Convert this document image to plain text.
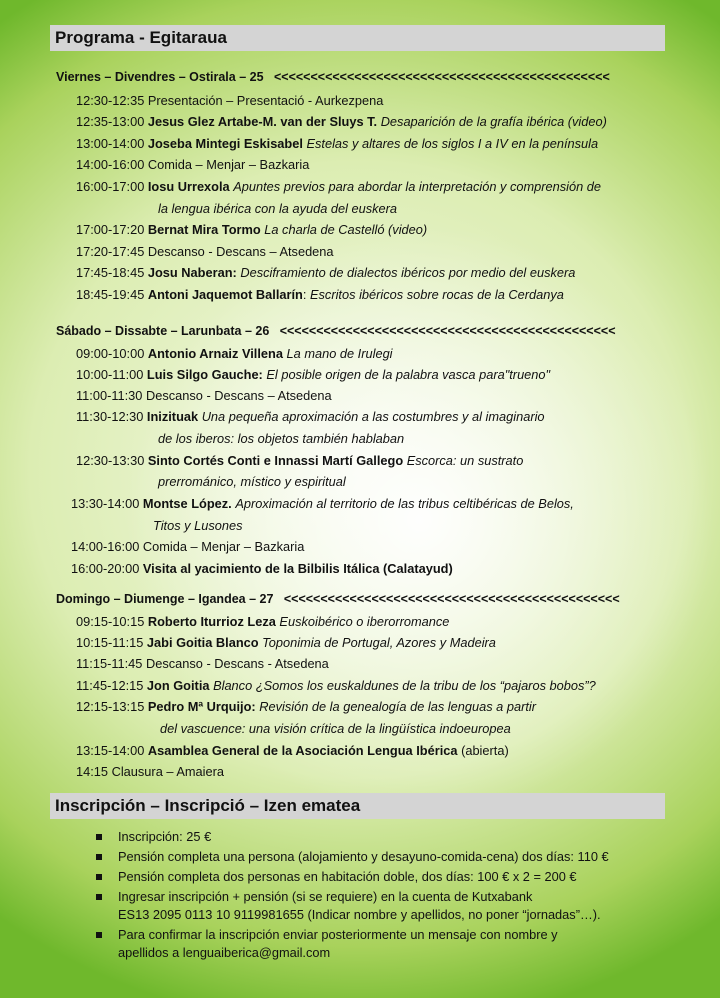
Programa - Egitaraua
Viernes – Divendres – Ostirala – 25 <<<<<<<<<<<<<<<<<<<<<<<<<<<<<<<<<<<<<<<<<<<<<<
12:30-12:35 Presentación – Presentació - Aurkezpena
12:35-13:00 Jesus Glez Artabe-M. van der Sluys T. Desaparición de la grafía ibérica (video)
13:00-14:00 Joseba Mintegi Eskisabel Estelas y altares de los siglos I a IV en la península
14:00-16:00 Comida – Menjar – Bazkaria
16:00-17:00 Iosu Urrexola Apuntes previos para abordar la interpretación y comprensión de
la lengua ibérica con la ayuda del euskera
17:00-17:20 Bernat Mira Tormo La charla de Castelló (video)
17:20-17:45 Descanso - Descans – Atsedena
17:45-18:45 Josu Naberan: Desciframiento de dialectos ibéricos por medio del euskera
18:45-19:45 Antoni Jaquemot Ballarín: Escritos ibéricos sobre rocas de la Cerdanya
Sábado – Dissabte – Larunbata – 26 <<<<<<<<<<<<<<<<<<<<<<<<<<<<<<<<<<<<<<<<<<<<<<
09:00-10:00 Antonio Arnaiz Villena La mano de Irulegi
10:00-11:00 Luis Silgo Gauche: El posible origen de la palabra vasca para"trueno"
11:00-11:30 Descanso - Descans – Atsedena
11:30-12:30 Inizituak Una pequeña aproximación a las costumbres y al imaginario
de los iberos: los objetos también hablaban
12:30-13:30 Sinto Cortés Conti e Innassi Martí Gallego Escorca: un sustrato
prerrománico, místico y espiritual
13:30-14:00 Montse López. Aproximación al territorio de las tribus celtibéricas de Belos,
Titos y Lusones
14:00-16:00 Comida – Menjar – Bazkaria
16:00-20:00 Visita al yacimiento de la Bilbilis Itálica (Calatayud)
Domingo – Diumenge – Igandea – 27 <<<<<<<<<<<<<<<<<<<<<<<<<<<<<<<<<<<<<<<<<<<<<<
09:15-10:15 Roberto Iturrioz Leza Euskoibérico o iberorromance
10:15-11:15 Jabi Goitia Blanco Toponimia de Portugal, Azores y Madeira
11:15-11:45 Descanso - Descans - Atsedena
11:45-12:15 Jon Goitia Blanco ¿Somos los euskaldunes de la tribu de los “pajaros bobos”?
12:15-13:15 Pedro Mª Urquijo: Revisión de la genealogía de las lenguas a partir
del vascuence: una visión crítica de la lingüística indoeuropea
13:15-14:00 Asamblea General de la Asociación Lengua Ibérica (abierta)
14:15 Clausura – Amaiera
Inscripción – Inscripció – Izen ematea
Inscripción: 25 €
Pensión completa una persona (alojamiento y desayuno-comida-cena) dos días: 110 €
Pensión completa dos personas en habitación doble, dos días: 100 € x 2 = 200 €
Ingresar inscripción + pensión (si se requiere) en la cuenta de Kutxabank
ES13 2095 0113 10 9119981655 (Indicar nombre y apellidos, no poner “jornadas”…).
Para confirmar la inscripción enviar posteriormente un mensaje con nombre y
apellidos a lenguaiberica@gmail.com
